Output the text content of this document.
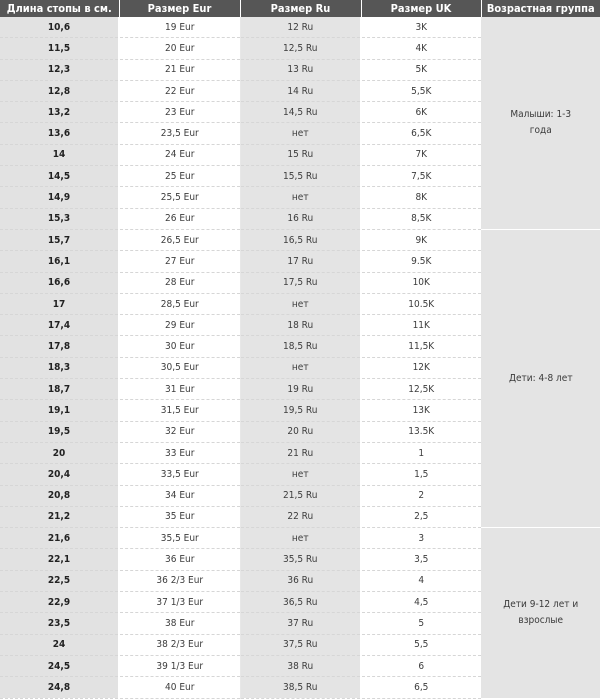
Длина стопы в см.	Размер Eur	Размер Ru	Размер UK	Возрастная группа
10,6	19 Eur	12 Ru	3K	Малыши: 1-3 года
11,5	20 Eur	12,5 Ru	4K	
12,3	21 Eur	13 Ru	5K	
12,8	22 Eur	14 Ru	5,5K	
13,2	23 Eur	14,5 Ru	6K	
13,6	23,5 Eur	нет	6,5K	
14	24 Eur	15 Ru	7K	
14,5	25 Eur	15,5 Ru	7,5K	
14,9	25,5 Eur	нет	8K	
15,3	26 Eur	16 Ru	8,5K	
15,7	26,5 Eur	16,5 Ru	9K	Дети: 4-8 лет
16,1	27 Eur	17 Ru	9.5K	
16,6	28 Eur	17,5 Ru	10K	
17	28,5 Eur	нет	10.5K	
17,4	29 Eur	18 Ru	11K	
17,8	30 Eur	18,5 Ru	11,5K	
18,3	30,5 Eur	нет	12K	
18,7	31 Eur	19 Ru	12,5K	
19,1	31,5 Eur	19,5 Ru	13K	
19,5	32 Eur	20 Ru	13.5K	
20	33 Eur	21 Ru	1	
20,4	33,5 Eur	нет	1,5	
20,8	34 Eur	21,5 Ru	2	
21,2	35 Eur	22 Ru	2,5	
21,6	35,5 Eur	нет	3	Дети 9-12 лет и взрослые
22,1	36 Eur	35,5 Ru	3,5	
22,5	36 2/3 Eur	36 Ru	4	
22,9	37 1/3 Eur	36,5 Ru	4,5	
23,5	38 Eur	37 Ru	5	
24	38 2/3 Eur	37,5 Ru	5,5	
24,5	39 1/3 Eur	38 Ru	6	
24,8	40 Eur	38,5 Ru	6,5	
